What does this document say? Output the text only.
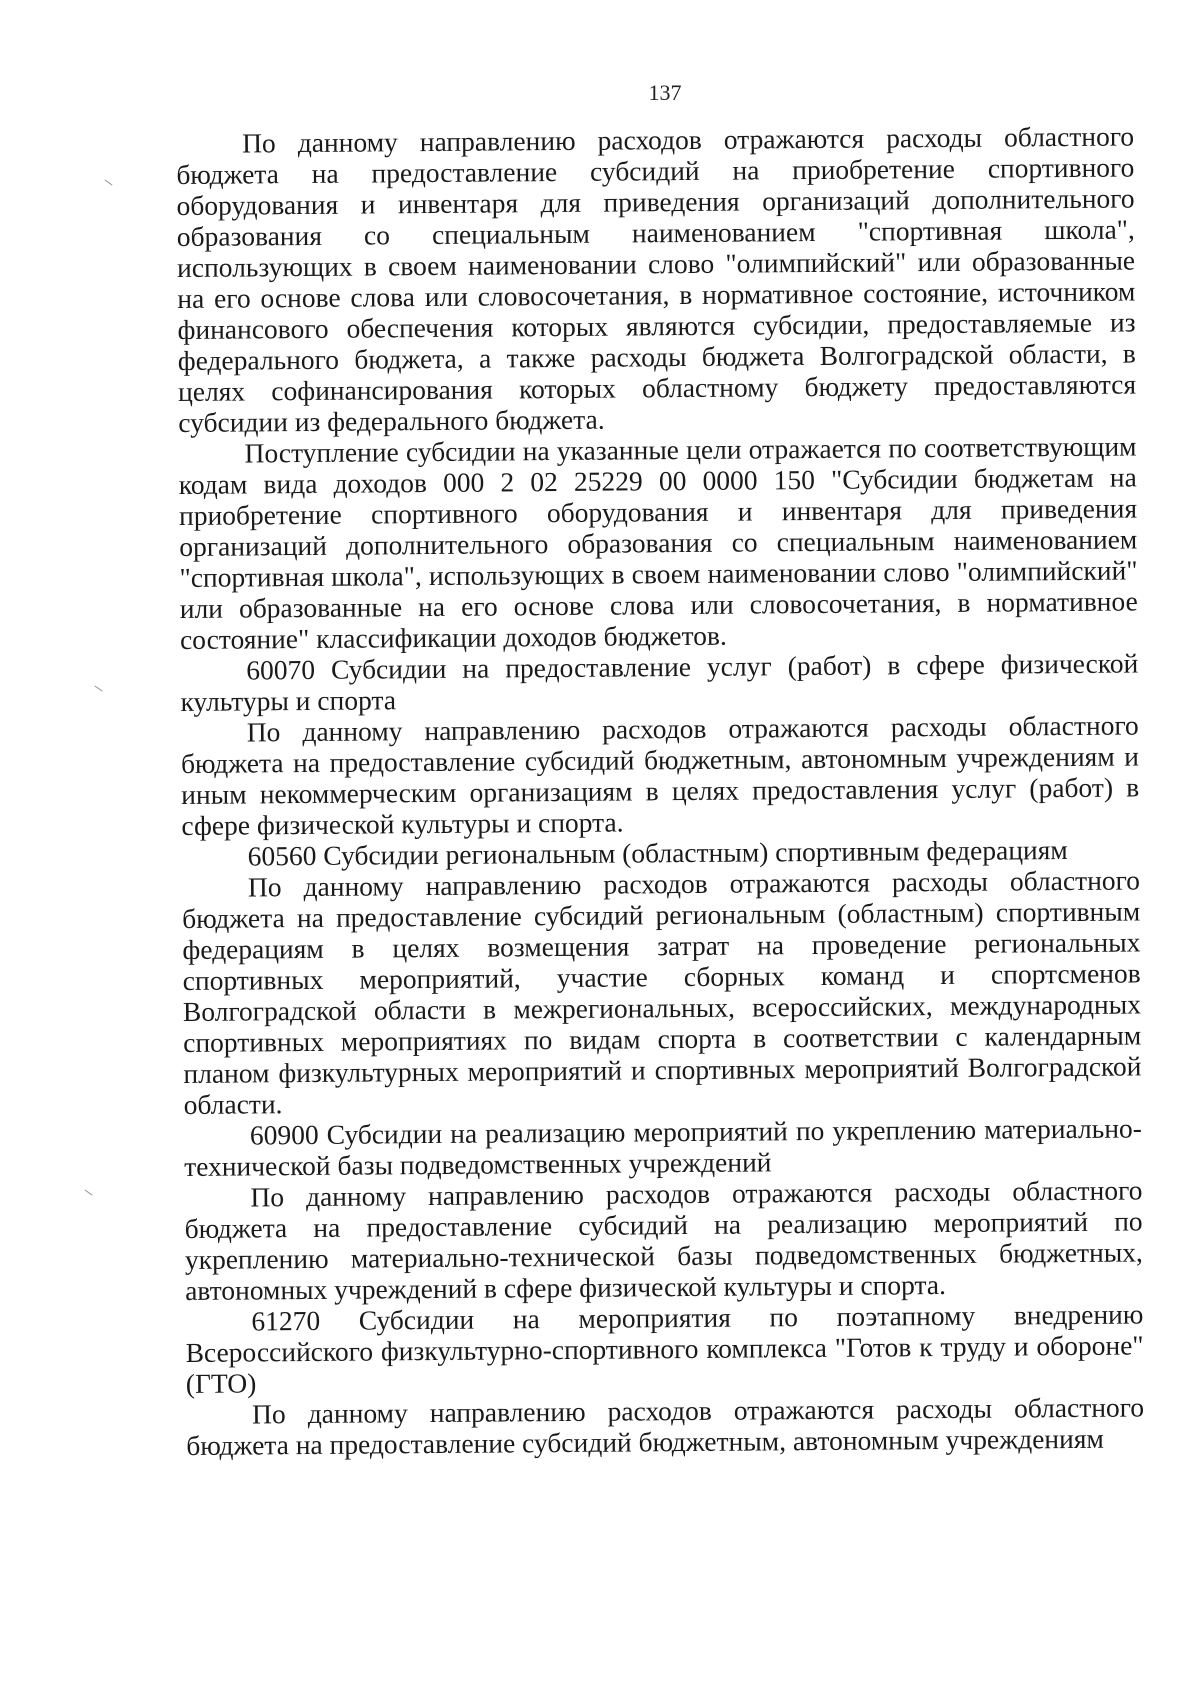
137

По данному направлению расходов отражаются расходы областного бюджета на предоставление субсидий на приобретение спортивного оборудования и инвентаря для приведения организаций дополнительного образования со специальным наименованием "спортивная школа", использующих в своем наименовании слово "олимпийский" или образованные на его основе слова или словосочетания, в нормативное состояние, источником финансового обеспечения которых являются субсидии, предоставляемые из федерального бюджета, а также расходы бюджета Волгоградской области, в целях софинансирования которых областному бюджету предоставляются субсидии из федерального бюджета.

Поступление субсидии на указанные цели отражается по соответствующим кодам вида доходов 000 2 02 25229 00 0000 150 "Субсидии бюджетам на приобретение спортивного оборудования и инвентаря для приведения организаций дополнительного образования со специальным наименованием "спортивная школа", использующих в своем наименовании слово "олимпийский" или образованные на его основе слова или словосочетания, в нормативное состояние" классификации доходов бюджетов.

60070 Субсидии на предоставление услуг (работ) в сфере физической культуры и спорта

По данному направлению расходов отражаются расходы областного бюджета на предоставление субсидий бюджетным, автономным учреждениям и иным некоммерческим организациям в целях предоставления услуг (работ) в сфере физической культуры и спорта.

60560 Субсидии региональным (областным) спортивным федерациям

По данному направлению расходов отражаются расходы областного бюджета на предоставление субсидий региональным (областным) спортивным федерациям в целях возмещения затрат на проведение региональных спортивных мероприятий, участие сборных команд и спортсменов Волгоградской области в межрегиональных, всероссийских, международных спортивных мероприятиях по видам спорта в соответствии с календарным планом физкультурных мероприятий и спортивных мероприятий Волгоградской области.

60900 Субсидии на реализацию мероприятий по укреплению материально-технической базы подведомственных учреждений

По данному направлению расходов отражаются расходы областного бюджета на предоставление субсидий на реализацию мероприятий по укреплению материально-технической базы подведомственных бюджетных, автономных учреждений в сфере физической культуры и спорта.

61270 Субсидии на мероприятия по поэтапному внедрению Всероссийского физкультурно-спортивного комплекса "Готов к труду и обороне" (ГТО)

По данному направлению расходов отражаются расходы областного бюджета на предоставление субсидий бюджетным, автономным учреждениям
